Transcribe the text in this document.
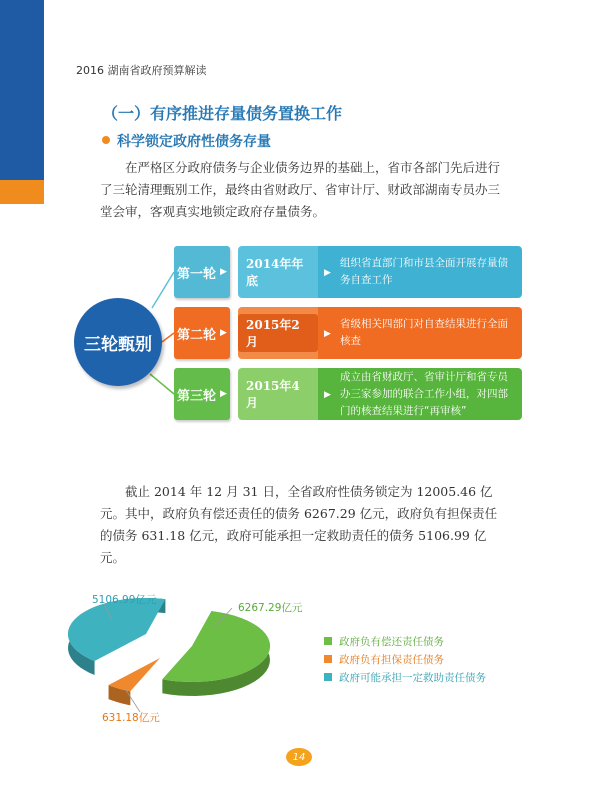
2016 湖南省政府预算解读
（一）有序推进存量债务置换工作
科学锁定政府性债务存量
在严格区分政府债务与企业债务边界的基础上，省市各部门先后进行了三轮清理甄别工作，最终由省财政厅、省审计厅、财政部湖南专员办三堂会审，客观真实地锁定政府存量债务。
三轮甄别
第一轮 ▶
2014年年底
▶
组织省直部门和市县全面开展存量债务自查工作
第二轮 ▶
2015年2月
▶
省级相关四部门对自查结果进行全面核查
第三轮 ▶
2015年4月
▶
成立由省财政厅、省审计厅和省专员办三家参加的联合工作小组，对四部门的核查结果进行“再审核”
截止 2014 年 12 月 31 日，全省政府性债务锁定为 12005.46 亿元。其中，政府负有偿还责任的债务 6267.29 亿元，政府负有担保责任的债务 631.18 亿元，政府可能承担一定救助责任的债务 5106.99 亿元。
6267.29亿元
631.18亿元
5106.99亿元
政府负有偿还责任债务
政府负有担保责任债务
政府可能承担一定救助责任债务
14
